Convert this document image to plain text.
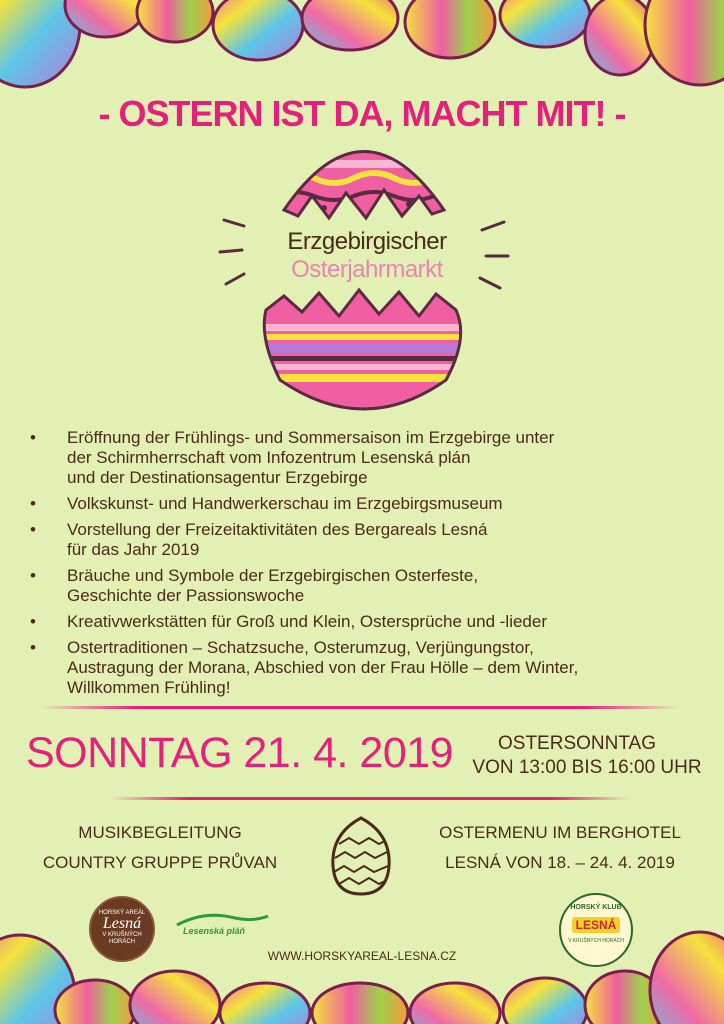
- OSTERN IST DA, MACHT MIT! -
Erzgebirgischer
Osterjahrmarkt
• Eröffnung der Frühlings- und Sommersaison im Erzgebirge unter
der Schirmherrschaft vom Infozentrum Lesenská plán
und der Destinationsagentur Erzgebirge
• Volkskunst- und Handwerkerschau im Erzgebirgsmuseum
• Vorstellung der Freizeitaktivitäten des Bergareals Lesná
für das Jahr 2019
• Bräuche und Symbole der Erzgebirgischen Osterfeste,
Geschichte der Passionswoche
• Kreativwerkstätten für Groß und Klein, Ostersprüche und -lieder
• Ostertraditionen – Schatzsuche, Osterumzug, Verjüngungstor,
Austragung der Morana, Abschied von der Frau Hölle – dem Winter,
Willkommen Frühling!
SONNTAG 21. 4. 2019	OSTERSONNTAG
VON 13:00 BIS 16:00 UHR
MUSIKBEGLEITUNG
COUNTRY GRUPPE PRŮVAN
OSTERMENU IM BERGHOTEL
LESNÁ VON 18. – 24. 4. 2019
HORSKÝ AREÁL
Lesná
V KRUŠNÝCH HORÁCH
Lesenská pláň
WWW.HORSKYAREAL-LESNA.CZ
HORSKÝ KLUB
LESNÁ
V KRUŠNÝCH HORÁCH
